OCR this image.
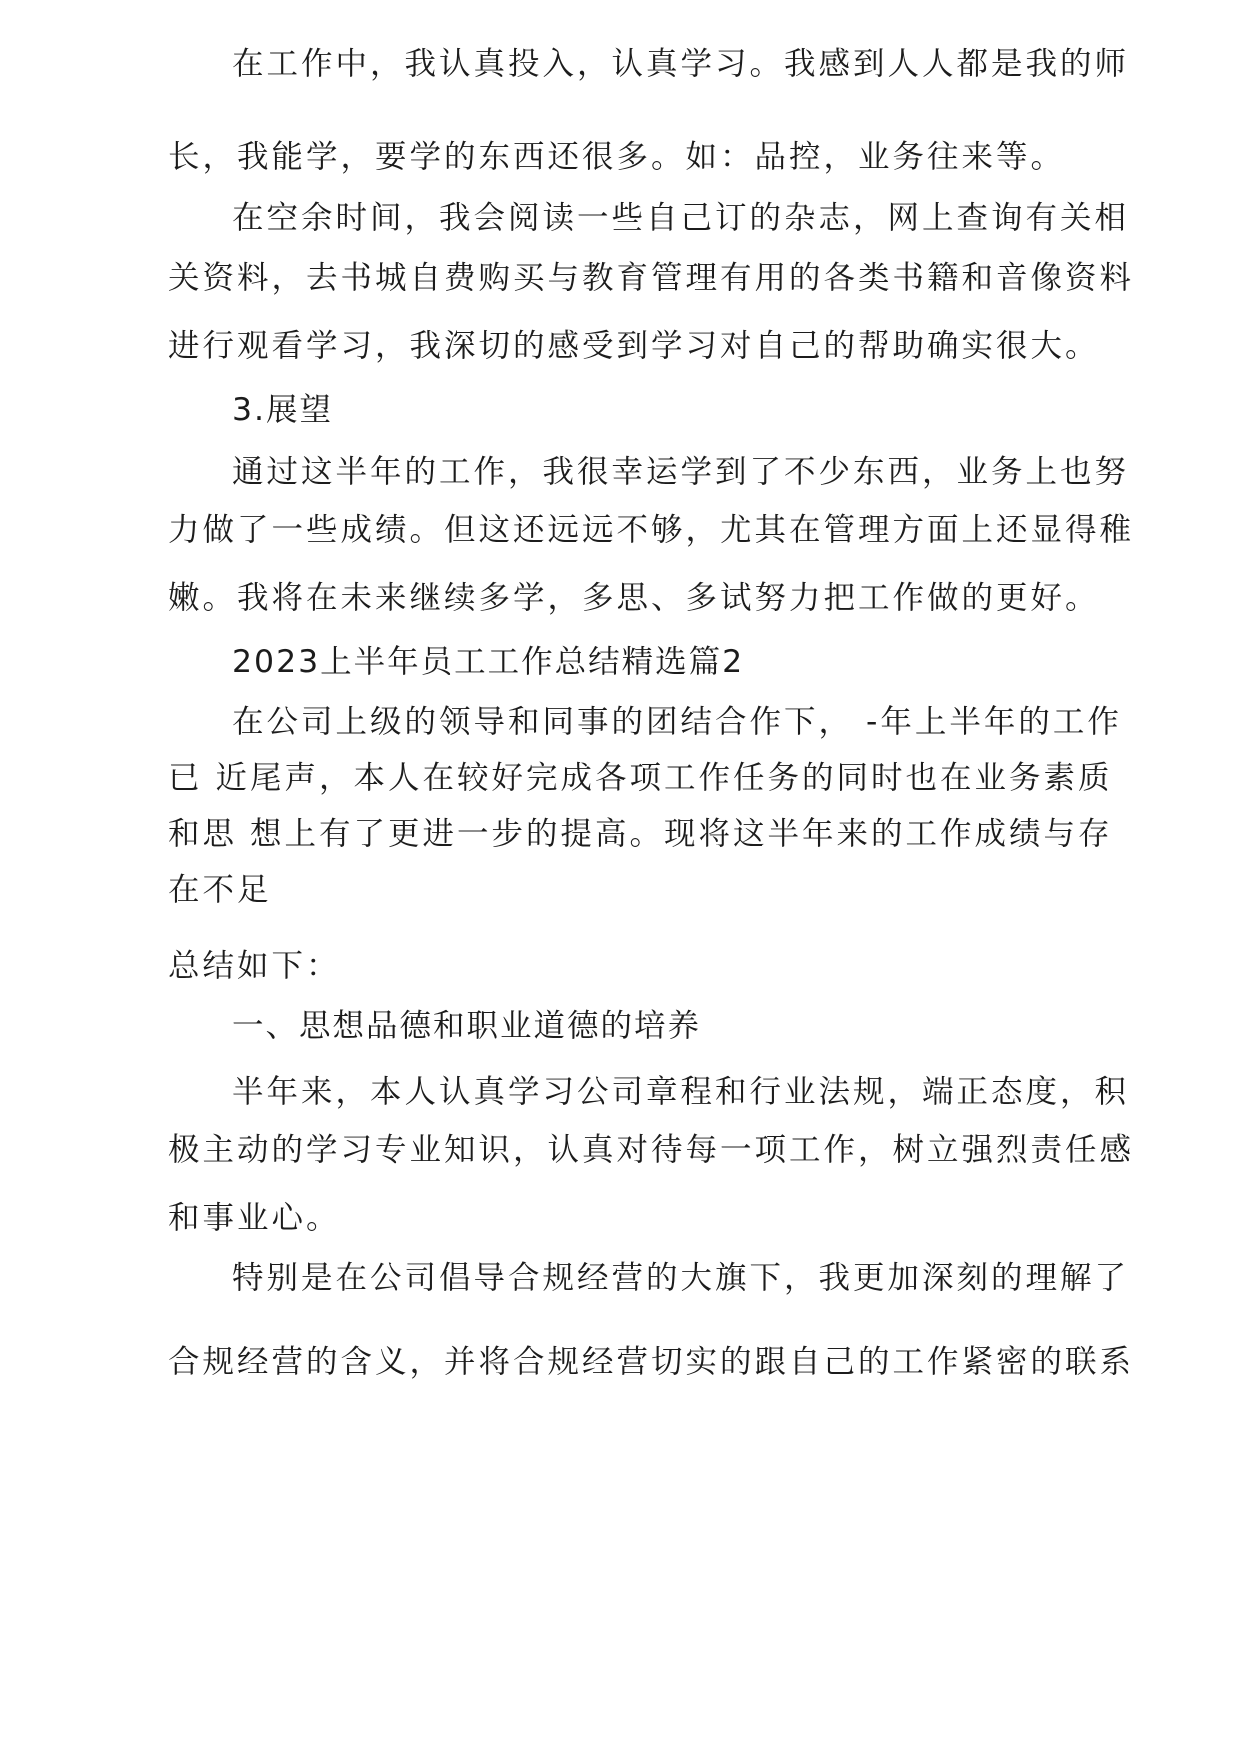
在工作中，我认真投入，认真学习。我感到人人都是我的师
长，我能学，要学的东西还很多。如：品控，业务往来等。
在空余时间，我会阅读一些自己订的杂志，网上查询有关相
关资料，去书城自费购买与教育管理有用的各类书籍和音像资料
进行观看学习，我深切的感受到学习对自己的帮助确实很大。
3.展望
通过这半年的工作，我很幸运学到了不少东西，业务上也努
力做了一些成绩。但这还远远不够，尤其在管理方面上还显得稚
嫩。我将在未来继续多学，多思、多试努力把工作做的更好。
2023上半年员工工作总结精选篇2
在公司上级的领导和同事的团结合作下， -年上半年的工作
已 近尾声，本人在较好完成各项工作任务的同时也在业务素质
和思 想上有了更进一步的提高。现将这半年来的工作成绩与存
在不足
总结如下：
一、思想品德和职业道德的培养
半年来，本人认真学习公司章程和行业法规，端正态度，积
极主动的学习专业知识，认真对待每一项工作，树立强烈责任感
和事业心。
特别是在公司倡导合规经营的大旗下，我更加深刻的理解了
合规经营的含义，并将合规经营切实的跟自己的工作紧密的联系
